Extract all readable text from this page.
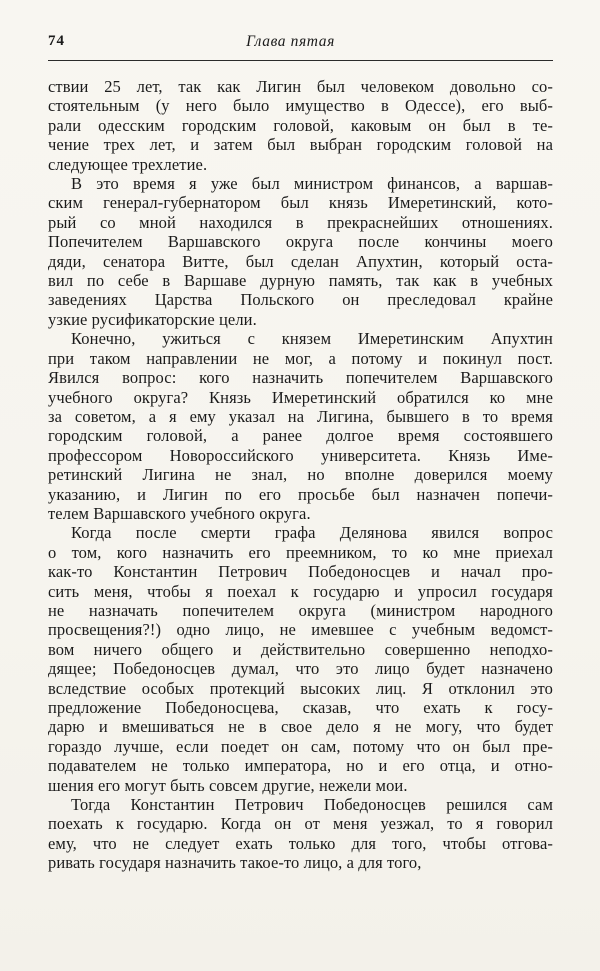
74	Глава пятая
ствии 25 лет, так как Лигин был человеком довольно со-
стоятельным (у него было имущество в Одессе), его выб-
рали одесским городским головой, каковым он был в те-
чение трех лет, и затем был выбран городским головой на
следующее трехлетие.
В это время я уже был министром финансов, а варшав-
ским генерал-губернатором был князь Имеретинский, кото-
рый со мной находился в прекраснейших отношениях.
Попечителем Варшавского округа после кончины моего
дяди, сенатора Витте, был сделан Апухтин, который оста-
вил по себе в Варшаве дурную память, так как в учебных
заведениях Царства Польского он преследовал крайне
узкие русификаторские цели.
Конечно, ужиться с князем Имеретинским Апухтин
при таком направлении не мог, а потому и покинул пост.
Явился вопрос: кого назначить попечителем Варшавского
учебного округа? Князь Имеретинский обратился ко мне
за советом, а я ему указал на Лигина, бывшего в то время
городским головой, а ранее долгое время состоявшего
профессором Новороссийского университета. Князь Име-
ретинский Лигина не знал, но вполне доверился моему
указанию, и Лигин по его просьбе был назначен попечи-
телем Варшавского учебного округа.
Когда после смерти графа Делянова явился вопрос
о том, кого назначить его преемником, то ко мне приехал
как-то Константин Петрович Победоносцев и начал про-
сить меня, чтобы я поехал к государю и упросил государя
не назначать попечителем округа (министром народного
просвещения?!) одно лицо, не имевшее с учебным ведомст-
вом ничего общего и действительно совершенно неподхо-
дящее; Победоносцев думал, что это лицо будет назначено
вследствие особых протекций высоких лиц. Я отклонил это
предложение Победоносцева, сказав, что ехать к госу-
дарю и вмешиваться не в свое дело я не могу, что будет
гораздо лучше, если поедет он сам, потому что он был пре-
подавателем не только императора, но и его отца, и отно-
шения его могут быть совсем другие, нежели мои.
Тогда Константин Петрович Победоносцев решился сам
поехать к государю. Когда он от меня уезжал, то я говорил
ему, что не следует ехать только для того, чтобы отгова-
ривать государя назначить такое-то лицо, а для того,
